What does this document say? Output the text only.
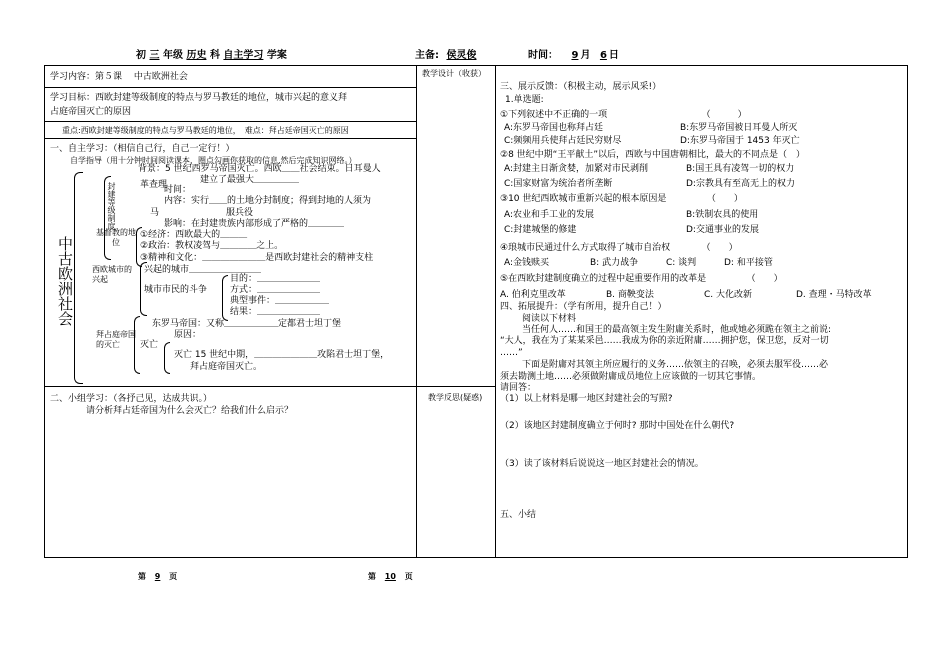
初 三 年级 历史 科 自主学习 学案	主备: 侯灵俊	时间： 9 月 6 日
学习内容：第５课　 中古欧洲社会
学习目标：西欧封建等级制度的特点与罗马教廷的地位，城市兴起的意义拜
占庭帝国灭亡的原因
重点:西欧封建等级制度的特点与罗马教廷的地位，　难点：拜占廷帝国灭亡的原因
一、自主学习：（相信自己行，自己一定行！）
自学指导（用十分钟时间阅读课本，圈点勾画你获取的信息,然后完成知识网络。）
中古欧洲社会
封建等级制度
背景：5 世纪西罗马帝国灭亡。西欧＿＿社会结束。日耳曼人
建立了最强大＿＿＿＿＿
革查理
时间：
内容：实行＿＿的土地分封制度；得到封地的人须为
马	服兵役
影响：在封建贵族内部形成了严格的＿＿＿＿
基督教的地位
①经济：西欧最大的＿＿＿
②政治：教权凌驾与＿＿＿＿之上。
③精神和文化：＿＿＿＿＿＿＿是西欧封建社会的精神支柱
西欧城市的兴起
兴起的城市＿＿＿＿＿＿＿＿
城市市民的斗争
目的：＿＿＿＿＿＿＿
方式：＿＿＿＿＿＿＿
典型事件：＿＿＿＿＿＿
结果：＿＿＿＿＿＿＿
拜占庭帝国的灭亡
东罗马帝国：又称＿＿＿＿＿＿定都君士坦丁堡
原因：
灭亡
灭亡 15 世纪中期，＿＿＿＿＿＿＿攻陷君士坦丁堡，
拜占庭帝国灭亡。
二、小组学习：（各抒己见，达成共识。）
请分析拜占廷帝国为什么会灭亡？给我们什么启示？
教学设计（收获）
教学反思(疑惑)
三、展示反馈：（积极主动，展示风采!）
1.单选题:
①下列叙述中不正确的一项　　　　　　　　　　　（　　　）
A:东罗马帝国也称拜占廷	B:东罗马帝国被日耳曼人所灭
C:频频用兵使拜占廷民穷财尽	D:东罗马帝国于 1453 年灭亡
②8 世纪中期“王平献土”以后，西欧与中国唐朝相比，最大的不同点是（　）
A:封建主日渐贪婪，加紧对市民剥削	B:国王具有凌驾一切的权力
C:国家财富为统治者所垄断	D:宗教具有至高无上的权力
③10 世纪西欧城市重新兴起的根本原因是　　　　　（　　）
A:农业和手工业的发展	B:铁制农具的使用
C:封建城堡的修建	D:交通事业的发展
④琅城市民通过什么方式取得了城市自治权　　　　（　　）
A:金钱赎买	B: 武力战争	C: 谈判	D: 和平接管
⑤在西欧封建制度确立的过程中起重要作用的改革是　　　　　（　　）
A. 伯利克里改革	B. 商鞅变法	C. 大化改新	D. 查理・马特改革
四、拓展提升：（学有所用，提升自己！）
阅读以下材料
当任何人……和国王的最高领主发生附庸关系时，他或她必须跪在领主之前说:
“大人，我在为了某某采邑……我成为你的亲近附庸……拥护您，保卫您，反对一切
……”
下面是附庸对其领主所应履行的义务……依领主的召唤，必须去服军役……必
须去勘测土地……必须做附庸成员地位上应该做的一切其它事情。
请回答：
（1）以上材料是哪一地区封建社会的写照?
（2）该地区封建制度确立于何时? 那时中国处在什么朝代?
（3）读了该材料后说说这一地区封建社会的情况。
五、小结
第 9 页	第 10 页
